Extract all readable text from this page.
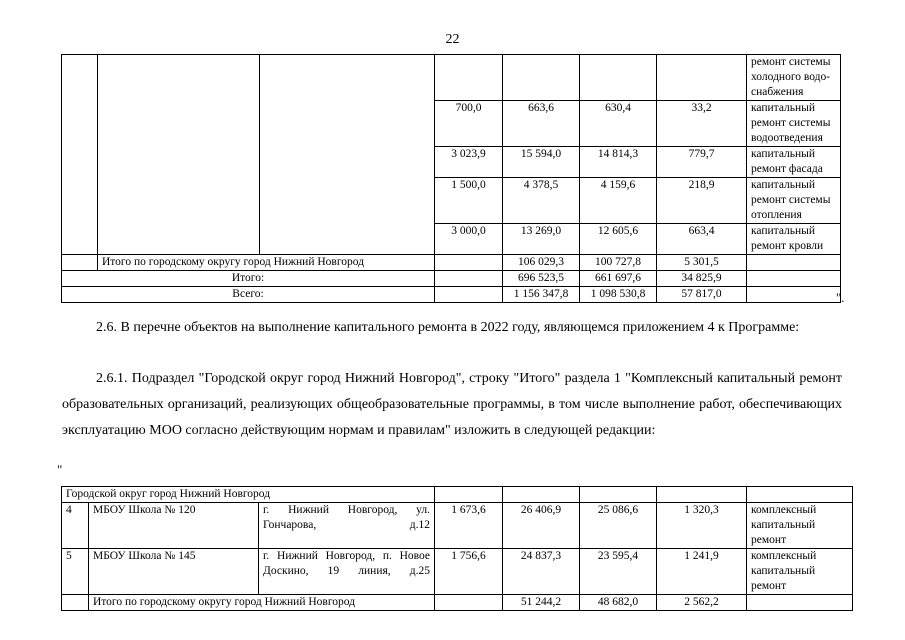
22
							ремонт системы холодного водо-снабжения
			700,0	663,6	630,4	33,2	капитальный ремонт системы водоотведения
			3 023,9	15 594,0	14 814,3	779,7	капитальный ремонт фасада
			1 500,0	4 378,5	4 159,6	218,9	капитальный ремонт системы отопления
			3 000,0	13 269,0	12 605,6	663,4	капитальный ремонт кровли
	Итого по городскому округу город Нижний Новгород			106 029,3	100 727,8	5 301,5	
Итого:				696 523,5	661 697,6	34 825,9	
Всего:				1 156 347,8	1 098 530,8	57 817,0		".

2.6. В перечне объектов на выполнение капитального ремонта в 2022 году, являющемся приложением 4 к Программе:

2.6.1. Подраздел "Городской округ город Нижний Новгород", строку "Итого" раздела 1 "Комплексный капитальный ремонт образовательных организаций, реализующих общеобразовательные программы, в том числе выполнение работ, обеспечивающих эксплуатацию МОО согласно действующим нормам и правилам" изложить в следующей редакции:

"
Городской округ город Нижний Новгород							
4	МБОУ Школа № 120	г. Нижний Новгород, ул. Гончарова, д.12	1 673,6	26 406,9	25 086,6	1 320,3	комплексный капитальный ремонт
5	МБОУ Школа № 145	г. Нижний Новгород, п. Новое Доскино, 19 линия, д.25	1 756,6	24 837,3	23 595,4	1 241,9	комплексный капитальный ремонт
	Итого по городскому округу город Нижний Новгород			51 244,2	48 682,0	2 562,2	
